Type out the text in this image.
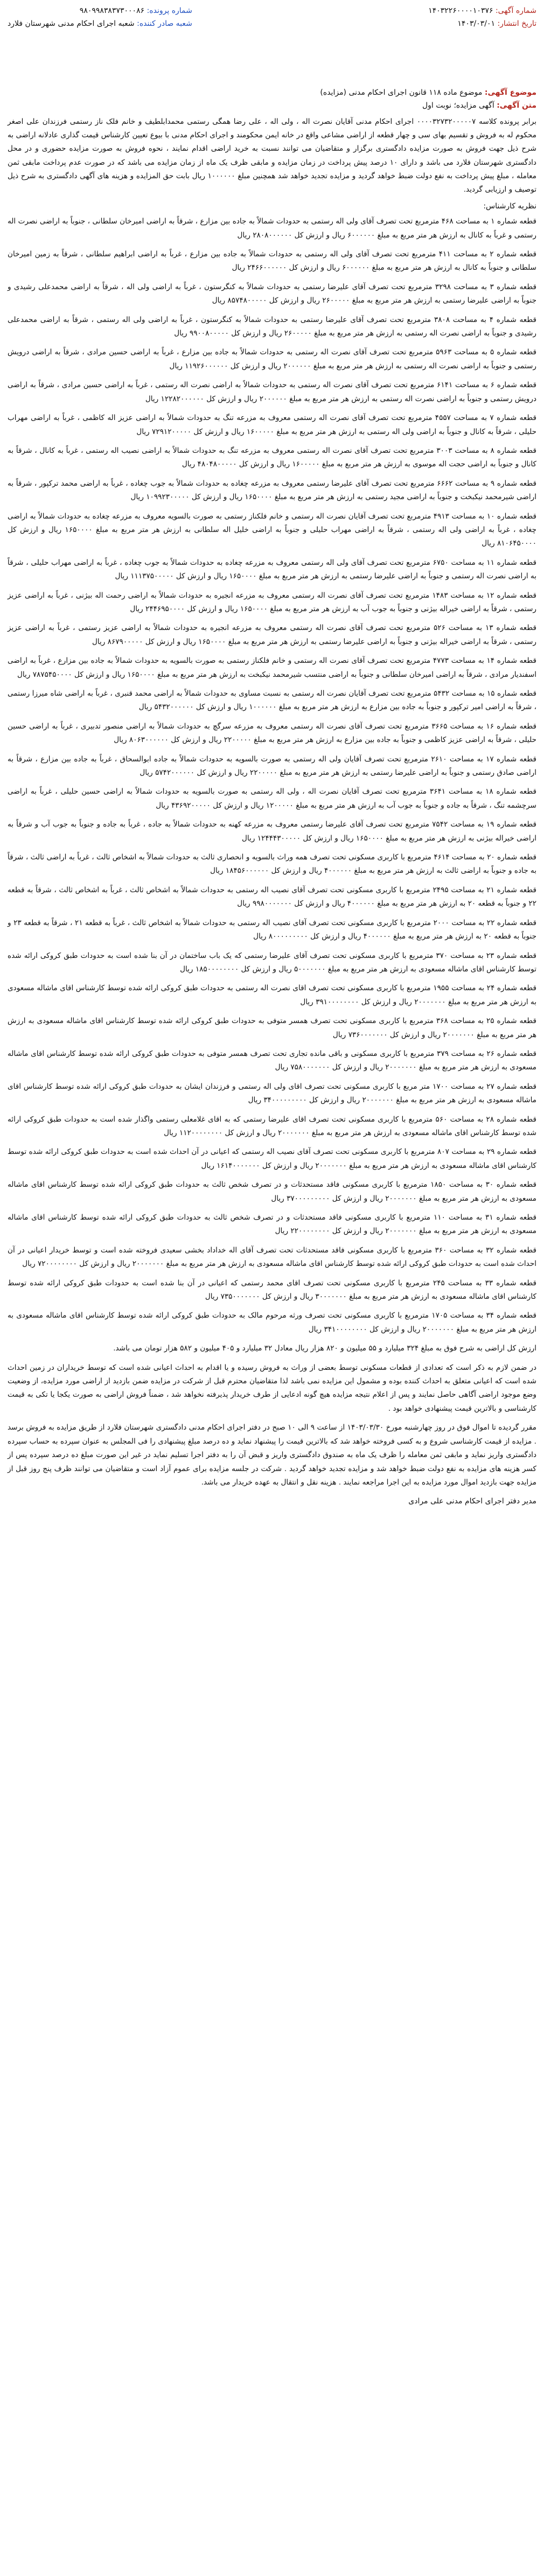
شماره آگهی: ۱۴۰۳۲۲۶۰۰۰۰۱۰۳۷۶
تاریخ انتشار: ۱۴۰۳/۰۳/۰۱
شماره پرونده: ۹۸۰۹۹۸۳۸۳۷۳۰۰۰۸۶
شعبه صادر کننده: شعبه اجرای احکام مدنی شهرستان فلارد
موضوع آگهی: موضوع ماده ۱۱۸ قانون اجرای احکام مدنی (مزایده)
متن آگهی: آگهی مزایده؛ نوبت اول
برابر پرونده کلاسه ۰۰۰۰۳۲۷۳۲۰۰۰۰۰۷ اجرای احکام مدنی آقایان نصرت اله ، ولی اله ، علی رضا همگی رستمی محمدابلطیف و خانم فلک ناز رستمی فرزندان علی اصغر محکوم له به فروش و تقسیم بهای سی و چهار قطعه از اراضی مشاعی واقع در خانه ایمن محکومند و اجرای احکام مدنی با بیوع تعیین کارشناس قیمت گذاری عادلانه اراضی به شرح ذیل جهت فروش به صورت مزایده دادگستری برگزار و متقاضیان می توانند نسبت به خرید اراضی اقدام نمایند ، نحوه فروش به صورت مزایده حضوری و در محل دادگستری شهرستان فلارد می باشد و دارای ۱۰ درصد پیش پرداخت در زمان مزایده و مابقی ظرف یک ماه از زمان مزایده می باشد که در صورت عدم پرداخت مابقی ثمن معامله ، مبلغ پیش پرداخت به نفع دولت ضبط خواهد گردید و مزایده تجدید خواهد شد همچنین مبلغ ۱۰۰۰۰۰۰ ریال بابت حق المزایده و هزینه های آگهی دادگستری به شرح ذیل توصیف و ارزیابی گردید.
نظریه کارشناس:
قطعه شماره ۱ به مساحت ۴۶۸ مترمربع تحت تصرف آقای ولی اله رستمی به حدودات شمالاً به جاده بین مزارع ، شرقاً به اراضی امیرخان سلطانی ، جنوباً به اراضی نصرت اله رستمی و غرباً به کانال به ارزش هر متر مربع به مبلغ ۶۰۰۰۰۰۰ ریال و ارزش کل ۲۸۰۸۰۰۰۰۰۰ ریال
قطعه شماره ۲ به مساحت ۴۱۱ مترمربع تحت تصرف آقای ولی اله رستمی به حدودات شمالاً به جاده بین مزارع ، غرباً به اراضی ابراهیم سلطانی ، شرقاً به زمین امیرخان سلطانی و جنوباً به کانال به ارزش هر متر مربع به مبلغ ۶۰۰۰۰۰۰ ریال و ارزش کل ۲۴۶۶۰۰۰۰۰۰ ریال
قطعه شماره ۳ به مساحت ۳۲۹۸ مترمربع تحت تصرف آقای علیرضا رستمی به حدودات شمالاً به کنگرستون ، غرباً به اراضی ولی اله ، شرقاً به اراضی محمدعلی رشیدی و جنوباً به اراضی علیرضا رستمی به ارزش هر متر مربع به مبلغ ۲۶۰۰۰۰۰ ریال و ارزش کل ۸۵۷۴۸۰۰۰۰۰ ریال
قطعه شماره ۴ به مساحت ۳۸۰۸ مترمربع تحت تصرف آقای علیرضا رستمی به حدودات شمالاً به کنگرستون ، غرباً به اراضی ولی اله رستمی ، شرقاً به اراضی محمدعلی رشیدی و جنوباً به اراضی نصرت اله رستمی به ارزش هر متر مربع به مبلغ ۲۶۰۰۰۰۰ ریال و ارزش کل ۹۹۰۰۸۰۰۰۰۰ ریال
قطعه شماره ۵ به مساحت ۵۹۶۳ مترمربع تحت تصرف آقای نصرت اله رستمی به حدودات شمالاً به جاده بین مزارع ، غرباً به اراضی حسین مرادی ، شرقاً به اراضی درویش رستمی و جنوباً به اراضی نصرت اله رستمی به ارزش هر متر مربع به مبلغ ۲۰۰۰۰۰۰ ریال و ارزش کل ۱۱۹۲۶۰۰۰۰۰۰ ریال
قطعه شماره ۶ به مساحت ۶۱۴۱ مترمربع تحت تصرف آقای نصرت اله رستمی به حدودات شمالاً به اراضی نصرت اله رستمی ، غرباً به اراضی حسین مرادی ، شرقاً به اراضی درویش رستمی و جنوباً به اراضی نصرت اله رستمی به ارزش هر متر مربع به مبلغ ۲۰۰۰۰۰۰ ریال و ارزش کل ۱۲۲۸۲۰۰۰۰۰۰ ریال
قطعه شماره ۷ به مساحت ۴۵۵۷ مترمربع تحت تصرف آقای نصرت اله رستمی معروف به مزرعه تنگ به حدودات شمالاً به اراضی عزیز اله کاظمی ، غرباً به اراضی مهراب حلیلی ، شرقاً به کانال و جنوباً به اراضی ولی اله رستمی به ارزش هر متر مربع به مبلغ ۱۶۰۰۰۰۰ ریال و ارزش کل ۷۲۹۱۲۰۰۰۰۰ ریال
قطعه شماره ۸ به مساحت ۳۰۰۳ مترمربع تحت تصرف آقای نصرت اله رستمی معروف به مزرعه تنگ به حدودات شمالاً به اراضی نصیب اله رستمی ، غرباً به کانال ، شرقاً به کانال و جنوباً به اراضی حجت اله موسوی به ارزش هر متر مربع به مبلغ ۱۶۰۰۰۰۰ ریال و ارزش کل ۴۸۰۴۸۰۰۰۰۰ ریال
قطعه شماره ۹ به مساحت ۶۶۶۲ مترمربع تحت تصرف آقای علیرضا رستمی معروف به مزرعه چغاده به حدودات شمالاً به جوب چغاده ، غرباً به اراضی محمد ترکپور ، شرقاً به اراضی شیرمحمد نیکبخت و جنوباً به اراضی مجید رستمی به ارزش هر متر مربع به مبلغ ۱۶۵۰۰۰۰ ریال و ارزش کل ۱۰۹۹۲۳۰۰۰۰۰ ریال
قطعه شماره ۱۰ به مساحت ۴۹۱۳ مترمربع تحت تصرف آقایان نصرت اله رستمی و خانم فلکناز رستمی به صورت بالسویه معروف به مزرعه چغاده به حدودات شمالاً به اراضی چغاده ، غرباً به اراضی ولی اله رستمی ، شرقاً به اراضی مهراب حلیلی و جنوباً به اراضی خلیل اله سلطانی به ارزش هر متر مربع به مبلغ ۱۶۵۰۰۰۰ ریال و ارزش کل ۸۱۰۶۴۵۰۰۰۰ ریال
قطعه شماره ۱۱ به مساحت ۶۷۵۰ مترمربع تحت تصرف آقای ولی اله رستمی معروف به مزرعه چغاده به حدودات شمالاً به جوب چغاده ، غرباً به اراضی مهراب حلیلی ، شرقاً به اراضی نصرت اله رستمی و جنوباً به اراضی علیرضا رستمی به ارزش هر متر مربع به مبلغ ۱۶۵۰۰۰۰ ریال و ارزش کل ۱۱۱۳۷۵۰۰۰۰۰ ریال
قطعه شماره ۱۲ به مساحت ۱۴۸۳ مترمربع تحت تصرف آقای نصرت اله رستمی معروف به مزرعه انجیره به حدودات شمالاً به اراضی رحمت اله بیژنی ، غرباً به اراضی عزیز رستمی ، شرقاً به اراضی خیراله بیژنی و جنوباً به جوب آب به ارزش هر متر مربع به مبلغ ۱۶۵۰۰۰۰ ریال و ارزش کل ۲۴۴۶۹۵۰۰۰۰ ریال
قطعه شماره ۱۳ به مساحت ۵۲۶ مترمربع تحت تصرف آقای نصرت اله رستمی معروف به مزرعه انجیره به حدودات شمالاً به اراضی عزیز رستمی ، غرباً به اراضی عزیز رستمی ، شرقاً به اراضی خیراله بیژنی و جنوباً به اراضی علیرضا رستمی به ارزش هر متر مربع به مبلغ ۱۶۵۰۰۰۰ ریال و ارزش کل ۸۶۷۹۰۰۰۰۰ ریال
قطعه شماره ۱۴ به مساحت ۴۷۷۳ مترمربع تحت تصرف آقای نصرت اله رستمی و خانم فلکناز رستمی به صورت بالسویه به حدودات شمالاً به جاده بین مزارع ، غرباً به اراضی اسفندیار مرادی ، شرقاً به اراضی امیرخان سلطانی و جنوباً به اراضی منتسب شیرمحمد نیکبخت به ارزش هر متر مربع به مبلغ ۱۶۵۰۰۰۰ ریال و ارزش کل ۷۸۷۵۴۵۰۰۰۰ ریال
قطعه شماره ۱۵ به مساحت ۵۴۳۲ مترمربع تحت تصرف آقایان نصرت اله رستمی به نسبت مساوی به حدودات شمالاً به اراضی محمد قنبری ، غرباً به اراضی شاه میرزا رستمی ، شرقاً به اراضی امیر ترکپور و جنوباً به جاده بین مزارع به ارزش هر متر مربع به مبلغ ۱۰۰۰۰۰۰ ریال و ارزش کل ۵۴۳۲۰۰۰۰۰۰ ریال
قطعه شماره ۱۶ به مساحت ۳۶۶۵ مترمربع تحت تصرف آقای نصرت اله رستمی معروف به مزرعه سرگچ به حدودات شمالاً به اراضی منصور تدبیری ، غرباً به اراضی حسین حلیلی ، شرقاً به اراضی عزیز کاظمی و جنوباً به جاده بین مزارع به ارزش هر متر مربع به مبلغ ۲۲۰۰۰۰۰ ریال و ارزش کل ۸۰۶۳۰۰۰۰۰۰ ریال
قطعه شماره ۱۷ به مساحت ۲۶۱۰ مترمربع تحت تصرف آقایان ولی اله رستمی به صورت بالسویه به حدودات شمالاً به جاده ابوالسحاق ، غرباً به جاده بین مزارع ، شرقاً به اراضی صادق رستمی و جنوباً به اراضی علیرضا رستمی به ارزش هر متر مربع به مبلغ ۲۲۰۰۰۰۰ ریال و ارزش کل ۵۷۴۲۰۰۰۰۰۰ ریال
قطعه شماره ۱۸ به مساحت ۳۶۴۱ مترمربع تحت تصرف آقایان نصرت اله ، ولی اله رستمی به صورت بالسویه به حدودات شمالاً به اراضی حسین حلیلی ، غرباً به اراضی سرچشمه تنگ ، شرقاً به جاده و جنوباً به جوب آب به ارزش هر متر مربع به مبلغ ۱۲۰۰۰۰۰ ریال و ارزش کل ۴۳۶۹۲۰۰۰۰۰ ریال
قطعه شماره ۱۹ به مساحت ۷۵۴۲ مترمربع تحت تصرف آقای علیرضا رستمی معروف به مزرعه کهنه به حدودات شمالاً به جاده ، غرباً به جاده و جنوباً به جوب آب و شرقاً به اراضی خیراله بیژنی به ارزش هر متر مربع به مبلغ ۱۶۵۰۰۰۰ ریال و ارزش کل ۱۲۴۴۴۳۰۰۰۰۰ ریال
قطعه شماره ۲۰ به مساحت ۴۶۱۴ مترمربع با کاربری مسکونی تحت تصرف همه وراث بالسویه و انحصاری ثالث به حدودات شمالاً به اشخاص ثالث ، غرباً به اراضی ثالث ، شرقاً به جاده و جنوباً به اراضی ثالث به ارزش هر متر مربع به مبلغ ۴۰۰۰۰۰۰ ریال و ارزش کل ۱۸۴۵۶۰۰۰۰۰۰ ریال
قطعه شماره ۲۱ به مساحت ۲۴۹۵ مترمربع با کاربری مسکونی تحت تصرف آقای نصیب اله رستمی به حدودات شمالاً به اشخاص ثالث ، غرباً به اشخاص ثالث ، شرقاً به قطعه ۲۲ و جنوباً به قطعه ۲۰ به ارزش هر متر مربع به مبلغ ۴۰۰۰۰۰۰ ریال و ارزش کل ۹۹۸۰۰۰۰۰۰۰ ریال
قطعه شماره ۲۲ به مساحت ۲۰۰۰ مترمربع با کاربری مسکونی تحت تصرف آقای نصیب اله رستمی به حدودات شمالاً به اشخاص ثالث ، غرباً به قطعه ۲۱ ، شرقاً به قطعه ۲۳ و جنوباً به قطعه ۲۰ به ارزش هر متر مربع به مبلغ ۴۰۰۰۰۰۰ ریال و ارزش کل ۸۰۰۰۰۰۰۰۰۰ ریال
قطعه شماره ۲۳ به مساحت ۳۷۰ مترمربع با کاربری مسکونی تحت تصرف آقای علیرضا رستمی که یک باب ساختمان در آن بنا شده است به حدودات طبق کروکی ارائه شده توسط کارشناس اقای ماشاله مسعودی به ارزش هر متر مربع به مبلغ ۵۰۰۰۰۰۰۰ ریال و ارزش کل ۱۸۵۰۰۰۰۰۰۰۰ ریال
قطعه شماره ۲۴ به مساحت ۱۹۵۵ مترمربع با کاربری مسکونی تحت تصرف اقای نصرت اله رستمی به حدودات طبق کروکی ارائه شده توسط کارشناس اقای ماشاله مسعودی به ارزش هر متر مربع به مبلغ ۲۰۰۰۰۰۰۰ ریال و ارزش کل ۳۹۱۰۰۰۰۰۰۰۰ ریال
قطعه شماره ۲۵ به مساحت ۳۶۸ مترمربع با کاربری مسکونی تحت تصرف همسر متوفی به حدودات طبق کروکی ارائه شده توسط کارشناس اقای ماشاله مسعودی به ارزش هر متر مربع به مبلغ ۲۰۰۰۰۰۰۰ ریال و ارزش کل ۷۳۶۰۰۰۰۰۰۰ ریال
قطعه شماره ۲۶ به مساحت ۳۷۹ مترمربع با کاربری مسکونی و باقی مانده تجاری تحت تصرف همسر متوفی به حدودات طبق کروکی ارائه شده توسط کارشناس اقای ماشاله مسعودی به ارزش هر متر مربع به مبلغ ۲۰۰۰۰۰۰۰ ریال و ارزش کل ۷۵۸۰۰۰۰۰۰۰ ریال
قطعه شماره ۲۷ به مساحت ۱۷۰۰ متر مربع با کاربری مسکونی تحت تصرف اقای ولی اله رستمی و فرزندان ایشان به حدودات طبق کروکی ارائه شده توسط کارشناس اقای ماشاله مسعودی به ارزش هر متر مربع به مبلغ ۲۰۰۰۰۰۰۰ ریال و ارزش کل ۳۴۰۰۰۰۰۰۰۰۰ ریال
قطعه شماره ۲۸ به مساحت ۵۶۰ مترمربع با کاربری مسکونی تحت تصرف اقای علیرضا رستمی که به اقای غلامعلی رستمی واگذار شده است به حدودات طبق کروکی ارائه شده توسط کارشناس اقای ماشاله مسعودی به ارزش هر متر مربع به مبلغ ۲۰۰۰۰۰۰۰ ریال و ارزش کل ۱۱۲۰۰۰۰۰۰۰۰ ریال
قطعه شماره ۲۹ به مساحت ۸۰۷ مترمربع با کاربری مسکونی تحت تصرف آقای نصیب اله رستمی که اعیانی در آن احداث شده است به حدودات طبق کروکی ارائه شده توسط کارشناس اقای ماشاله مسعودی به ارزش هر متر مربع به مبلغ ۲۰۰۰۰۰۰۰ ریال و ارزش کل ۱۶۱۴۰۰۰۰۰۰۰ ریال
قطعه شماره ۳۰ به مساحت ۱۸۵۰ مترمربع با کاربری مسکونی فاقد مستحدثات و در تصرف شخص ثالث به حدودات طبق کروکی ارائه شده توسط کارشناس اقای ماشاله مسعودی به ارزش هر متر مربع به مبلغ ۲۰۰۰۰۰۰۰ ریال و ارزش کل ۳۷۰۰۰۰۰۰۰۰۰ ریال
قطعه شماره ۳۱ به مساحت ۱۱۰ مترمربع با کاربری مسکونی فاقد مستحدثات و در تصرف شخص ثالث به حدودات طبق کروکی ارائه شده توسط کارشناس اقای ماشاله مسعودی به ارزش هر متر مربع به مبلغ ۲۰۰۰۰۰۰۰ ریال و ارزش کل ۲۲۰۰۰۰۰۰۰۰ ریال
قطعه شماره ۳۲ به مساحت ۳۶۰ مترمربع با کاربری مسکونی فاقد مستحدثات تحت تصرف آقای اله خداداد بخشی سعیدی فروخته شده است و توسط خریدار اعیانی در آن احداث شده است به حدودات طبق کروکی ارائه شده توسط کارشناس اقای ماشاله مسعودی به ارزش هر متر مربع به مبلغ ۲۰۰۰۰۰۰۰ ریال و ارزش کل ۷۲۰۰۰۰۰۰۰۰ ریال
قطعه شماره ۳۳ به مساحت ۲۴۵ مترمربع با کاربری مسکونی تحت تصرف اقای محمد رستمی که اعیانی در آن بنا شده است به حدودات طبق کروکی ارائه شده توسط کارشناس اقای ماشاله مسعودی به ارزش هر متر مربع به مبلغ ۳۰۰۰۰۰۰۰ ریال و ارزش کل ۷۳۵۰۰۰۰۰۰۰ ریال
قطعه شماره ۳۴ به مساحت ۱۷۰۵ مترمربع با کاربری مسکونی تحت تصرف ورثه مرحوم مالک به حدودات طبق کروکی ارائه شده توسط کارشناس اقای ماشاله مسعودی به ارزش هر متر مربع به مبلغ ۲۰۰۰۰۰۰۰ ریال و ارزش کل ۳۴۱۰۰۰۰۰۰۰۰ ریال
ارزش کل اراضی به شرح فوق به مبلغ ۳۲۴ میلیارد و ۵۵ میلیون و ۸۲۰ هزار ریال معادل ۳۲ میلیارد و ۴۰۵ میلیون و ۵۸۲ هزار تومان می باشد.
در ضمن لازم به ذکر است که تعدادی از قطعات مسکونی توسط بعضی از وراث به فروش رسیده و یا اقدام به احداث اعیانی شده است که توسط خریداران در زمین احداث شده است که اعیانی متعلق به احداث کننده بوده و مشمول این مزایده نمی باشد لذا متقاضیان محترم قبل از شرکت در مزایده ضمن بازدید از اراضی مورد مزایده، از وضعیت وضع موجود اراضی آگاهی حاصل نمایند و پس از اعلام نتیجه مزایده هیچ گونه ادعایی از طرف خریدار پذیرفته نخواهد شد ، ضمناً فروش اراضی به صورت یکجا یا تکی به قیمت کارشناسی و بالاترین قیمت پیشنهادی خواهد بود .
مقرر گردیده تا اموال فوق در روز چهارشنبه مورخ ۱۴۰۳/۰۳/۳۰ از ساعت ۹ الی ۱۰ صبح در دفتر اجرای احکام مدنی دادگستری شهرستان فلارد از طریق مزایده به فروش برسد . مزایده از قیمت کارشناسی شروع و به کسی فروخته خواهد شد که بالاترین قیمت را پیشنهاد نماید و ده درصد مبلغ پیشنهادی را فی المجلس به عنوان سپرده به حساب سپرده دادگستری واریز نماید و مابقی ثمن معامله را ظرف یک ماه به صندوق دادگستری واریز و قبض آن را به دفتر اجرا تسلیم نماید در غیر این صورت مبلغ ده درصد سپرده پس از کسر هزینه های مزایده به نفع دولت ضبط خواهد شد و مزایده تجدید خواهد گردید . شرکت در جلسه مزایده برای عموم آزاد است و متقاضیان می توانند ظرف پنج روز قبل از مزایده جهت بازدید اموال مورد مزایده به این اجرا مراجعه نمایند . هزینه نقل و انتقال به عهده خریدار می باشد.
مدیر دفتر اجرای احکام مدنی علی مرادی
